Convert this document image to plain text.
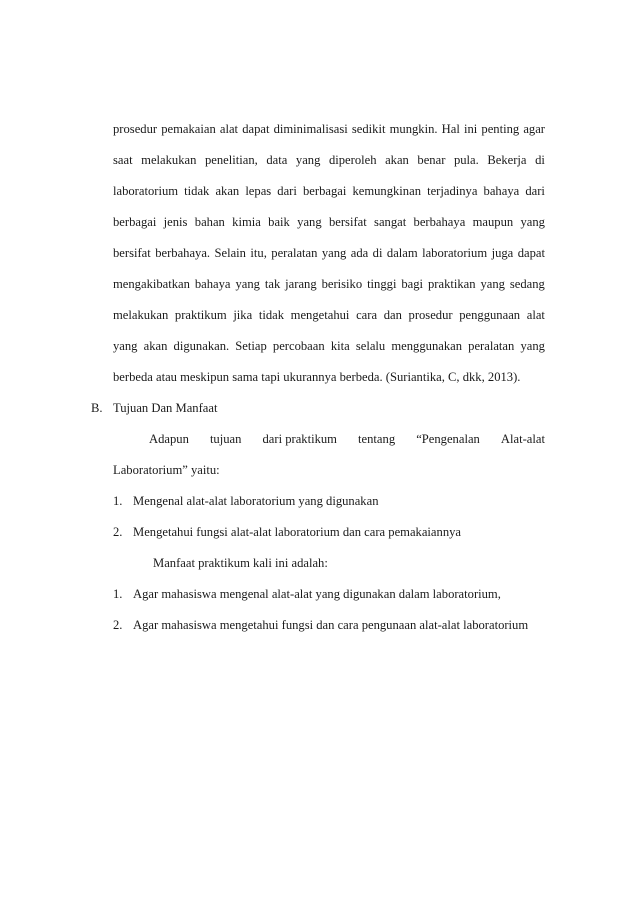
prosedur pemakaian alat dapat diminimalisasi sedikit mungkin. Hal ini penting agar
saat melakukan penelitian, data yang diperoleh akan benar pula. Bekerja di
laboratorium tidak akan lepas dari berbagai kemungkinan terjadinya bahaya dari
berbagai jenis bahan kimia baik yang bersifat sangat berbahaya maupun yang
bersifat berbahaya. Selain itu, peralatan yang ada di dalam laboratorium juga dapat
mengakibatkan bahaya yang tak jarang berisiko tinggi bagi praktikan yang sedang
melakukan praktikum jika tidak mengetahui cara dan prosedur penggunaan alat
yang akan digunakan. Setiap percobaan kita selalu menggunakan peralatan yang
berbeda atau meskipun sama tapi ukurannya berbeda. (Suriantika, C, dkk, 2013).
B. Tujuan Dan Manfaat
Adapun tujuan dari praktikum tentang “Pengenalan Alat-alat
Laboratorium” yaitu:
1. Mengenal alat-alat laboratorium yang digunakan
2. Mengetahui fungsi alat-alat laboratorium dan cara pemakaiannya
Manfaat praktikum kali ini adalah:
1. Agar mahasiswa mengenal alat-alat yang digunakan dalam laboratorium,
2. Agar mahasiswa mengetahui fungsi dan cara pengunaan alat-alat laboratorium
